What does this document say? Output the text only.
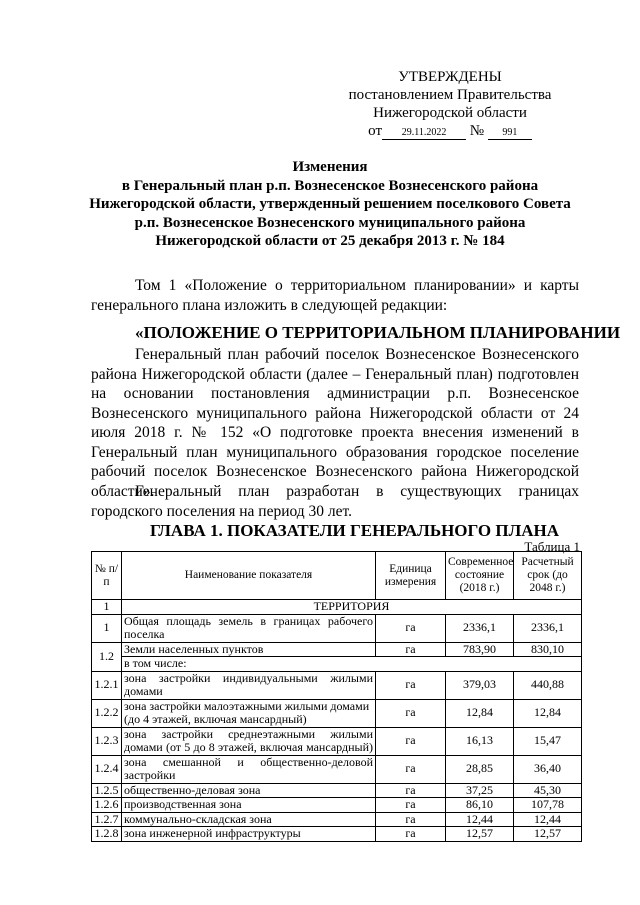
УТВЕРЖДЕНЫ
постановлением Правительства
Нижегородской области
от 29.11.2022 № 991
Изменения
в Генеральный план р.п. Вознесенское Вознесенского района
Нижегородской области, утвержденный решением поселкового Совета
р.п. Вознесенское Вознесенского муниципального района
Нижегородской области от 25 декабря 2013 г. № 184
Том 1 «Положение о территориальном планировании» и карты генерального плана изложить в следующей редакции:
«ПОЛОЖЕНИЕ О ТЕРРИТОРИАЛЬНОМ ПЛАНИРОВАНИИ
Генеральный план рабочий поселок Вознесенское Вознесенского района Нижегородской области (далее – Генеральный план) подготовлен на основании постановления администрации р.п. Вознесенское Вознесенского муниципального района Нижегородской области от 24 июля 2018 г. № 152 «О подготовке проекта внесения изменений в Генеральный план муниципального образования городское поселение рабочий поселок Вознесенское Вознесенского района Нижегородской области».
Генеральный план разработан в существующих границах городского поселения на период 30 лет.
ГЛАВА 1. ПОКАЗАТЕЛИ ГЕНЕРАЛЬНОГО ПЛАНА
Таблица 1
№ п/п	Наименование показателя	Единица измерения	Современное состояние (2018 г.)	Расчетный срок (до 2048 г.)
1	ТЕРРИТОРИЯ			
1	Общая площадь земель в границах рабочего поселка	га	2336,1	2336,1
1.2	Земли населенных пунктов	га	783,90	830,10
	в том числе:			
1.2.1	зона застройки индивидуальными жилыми домами	га	379,03	440,88
1.2.2	зона застройки малоэтажными жилыми домами (до 4 этажей, включая мансардный)	га	12,84	12,84
1.2.3	зона застройки среднеэтажными жилыми домами (от 5 до 8 этажей, включая мансардный)	га	16,13	15,47
1.2.4	зона смешанной и общественно-деловой застройки	га	28,85	36,40
1.2.5	общественно-деловая зона	га	37,25	45,30
1.2.6	производственная зона	га	86,10	107,78
1.2.7	коммунально-складская зона	га	12,44	12,44
1.2.8	зона инженерной инфраструктуры	га	12,57	12,57
